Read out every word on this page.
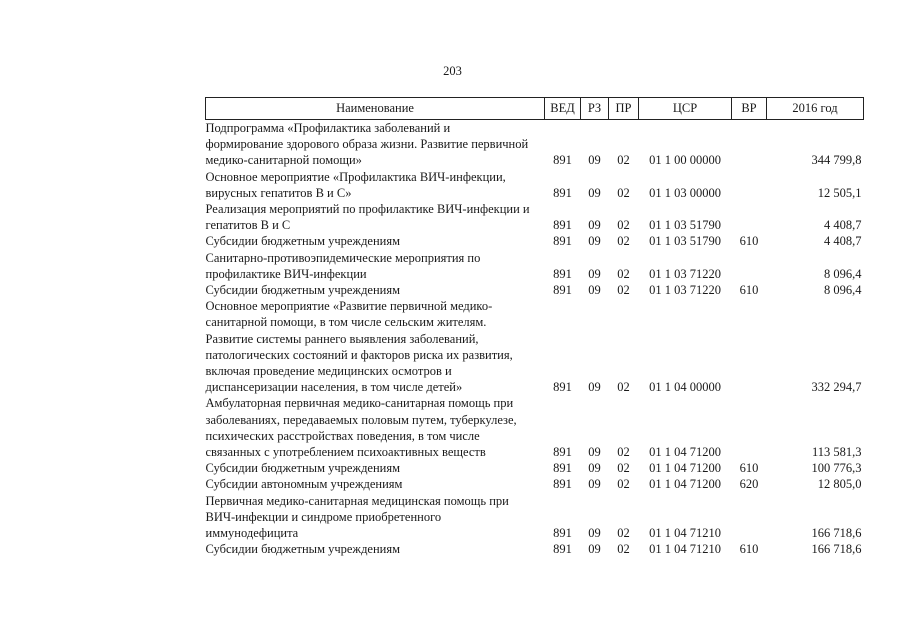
203
Наименование	ВЕД	РЗ	ПР	ЦСР	ВР	2016 год

Подпрограмма «Профилактика заболеваний и формирование здорового образа жизни. Развитие первичной медико-санитарной помощи»	891	09	02	01 1 00 00000		344 799,8

Основное мероприятие «Профилактика ВИЧ-инфекции, вирусных гепатитов В и С»	891	09	02	01 1 03 00000		12 505,1

Реализация мероприятий по профилактике ВИЧ-инфекции и гепатитов В и С	891	09	02	01 1 03 51790		4 408,7

Субсидии бюджетным учреждениям	891	09	02	01 1 03 51790	610	4 408,7

Санитарно-противоэпидемические мероприятия по профилактике ВИЧ-инфекции	891	09	02	01 1 03 71220		8 096,4

Субсидии бюджетным учреждениям	891	09	02	01 1 03 71220	610	8 096,4

Основное мероприятие «Развитие первичной медико-санитарной помощи, в том числе сельским жителям. Развитие системы раннего выявления заболеваний, патологических состояний и факторов риска их развития, включая проведение медицинских осмотров и диспансеризации населения, в том числе детей»	891	09	02	01 1 04 00000		332 294,7

Амбулаторная первичная медико-санитарная помощь при заболеваниях, передаваемых половым путем, туберкулезе, психических расстройствах поведения, в том числе связанных с употреблением психоактивных веществ	891	09	02	01 1 04 71200		113 581,3

Субсидии бюджетным учреждениям	891	09	02	01 1 04 71200	610	100 776,3

Субсидии автономным учреждениям	891	09	02	01 1 04 71200	620	12 805,0

Первичная медико-санитарная медицинская помощь при ВИЧ-инфекции и синдроме приобретенного иммунодефицита	891	09	02	01 1 04 71210		166 718,6

Субсидии бюджетным учреждениям	891	09	02	01 1 04 71210	610	166 718,6
